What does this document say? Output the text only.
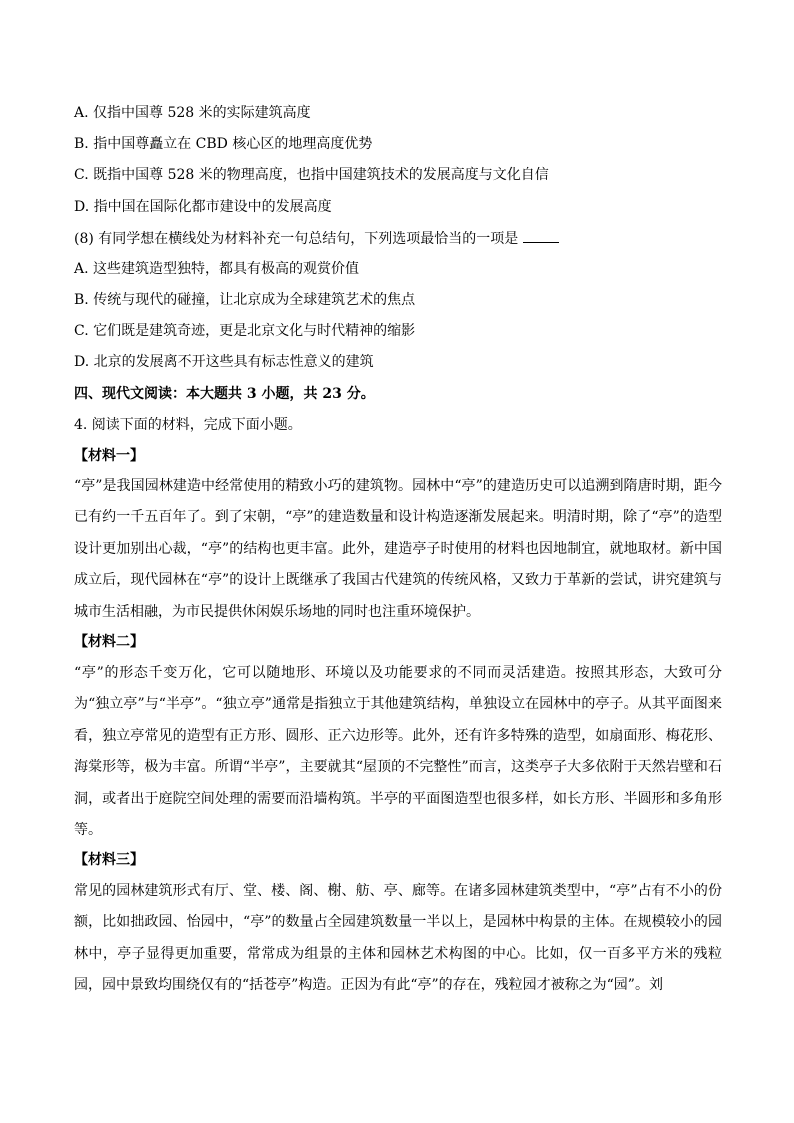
A. 仅指中国尊 528 米的实际建筑高度
B. 指中国尊矗立在 CBD 核心区的地理高度优势
C. 既指中国尊 528 米的物理高度，也指中国建筑技术的发展高度与文化自信
D. 指中国在国际化都市建设中的发展高度
(8) 有同学想在横线处为材料补充一句总结句，下列选项最恰当的一项是
A. 这些建筑造型独特，都具有极高的观赏价值
B. 传统与现代的碰撞，让北京成为全球建筑艺术的焦点
C. 它们既是建筑奇迹，更是北京文化与时代精神的缩影
D. 北京的发展离不开这些具有标志性意义的建筑
四、现代文阅读：本大题共 3 小题，共 23 分。
4. 阅读下面的材料，完成下面小题。
【材料一】
“亭”是我国园林建造中经常使用的精致小巧的建筑物。园林中“亭”的建造历史可以追溯到隋唐时期，距今已有约一千五百年了。到了宋朝，“亭”的建造数量和设计构造逐渐发展起来。明清时期，除了“亭”的造型设计更加别出心裁，“亭”的结构也更丰富。此外，建造亭子时使用的材料也因地制宜，就地取材。新中国成立后，现代园林在“亭”的设计上既继承了我国古代建筑的传统风格，又致力于革新的尝试，讲究建筑与城市生活相融，为市民提供休闲娱乐场地的同时也注重环境保护。
【材料二】
“亭”的形态千变万化，它可以随地形、环境以及功能要求的不同而灵活建造。按照其形态，大致可分为“独立亭”与“半亭”。“独立亭”通常是指独立于其他建筑结构，单独设立在园林中的亭子。从其平面图来看，独立亭常见的造型有正方形、圆形、正六边形等。此外，还有许多特殊的造型，如扇面形、梅花形、海棠形等，极为丰富。所谓“半亭”，主要就其“屋顶的不完整性”而言，这类亭子大多依附于天然岩壁和石洞，或者出于庭院空间处理的需要而沿墙构筑。半亭的平面图造型也很多样，如长方形、半圆形和多角形等。
【材料三】
常见的园林建筑形式有厅、堂、楼、阁、榭、舫、亭、廊等。在诸多园林建筑类型中，“亭”占有不小的份额，比如拙政园、怡园中，“亭”的数量占全园建筑数量一半以上，是园林中构景的主体。在规模较小的园林中，亭子显得更加重要，常常成为组景的主体和园林艺术构图的中心。比如，仅一百多平方米的残粒园，园中景致均围绕仅有的“括苍亭”构造。正因为有此“亭”的存在，残粒园才被称之为“园”。刘
